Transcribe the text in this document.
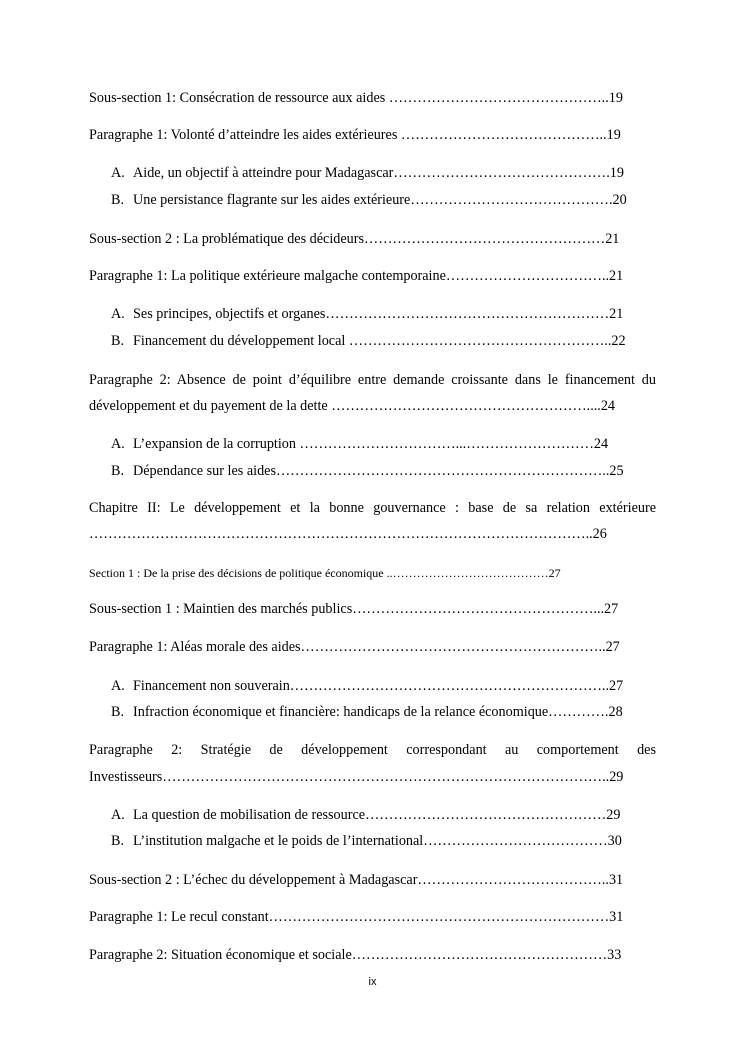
Sous-section 1: Consécration de ressource aux aides ………………………………………..19
Paragraphe 1: Volonté d’atteindre les aides extérieures ……………………………………..19
A. Aide, un objectif à atteindre pour Madagascar……………………………………….19
B. Une persistance flagrante sur les aides extérieure…………………………………….20
Sous-section 2 : La problématique des décideurs……………………………………………21
Paragraphe 1: La politique extérieure malgache contemporaine……………………………..21
A. Ses principes, objectifs et organes……………………………………………………21
B. Financement du développement local ………………………………………………..22
Paragraphe 2: Absence de point d’équilibre entre demande croissante dans le financement du
développement et du payement de la dette ………………………………………………....24
A. L’expansion de la corruption ……………………………...………………………24
B. Dépendance sur les aides……………………………………………………………..25
Chapitre II: Le développement et la bonne gouvernance : base de sa relation extérieure
……………………………………………………………………………………………..26
Section 1 : De la prise des décisions de politique économique ..…………………………………27
Sous-section 1 : Maintien des marchés publics……………………………………………...27
Paragraphe 1: Aléas morale des aides………………………………………………………..27
A. Financement non souverain…………………………………………………………..27
B. Infraction économique et financière: handicaps de la relance économique………….28
Paragraphe 2: Stratégie de développement correspondant au comportement des
Investisseurs…………………………………………………………………………………..29
A. La question de mobilisation de ressource……………………………………………29
B. L’institution malgache et le poids de l’international…………………………………30
Sous-section 2 : L’échec du développement à Madagascar…………………………………..31
Paragraphe 1: Le recul constant………………………………………………………………31
Paragraphe 2: Situation économique et sociale………………………………………………33
ix
